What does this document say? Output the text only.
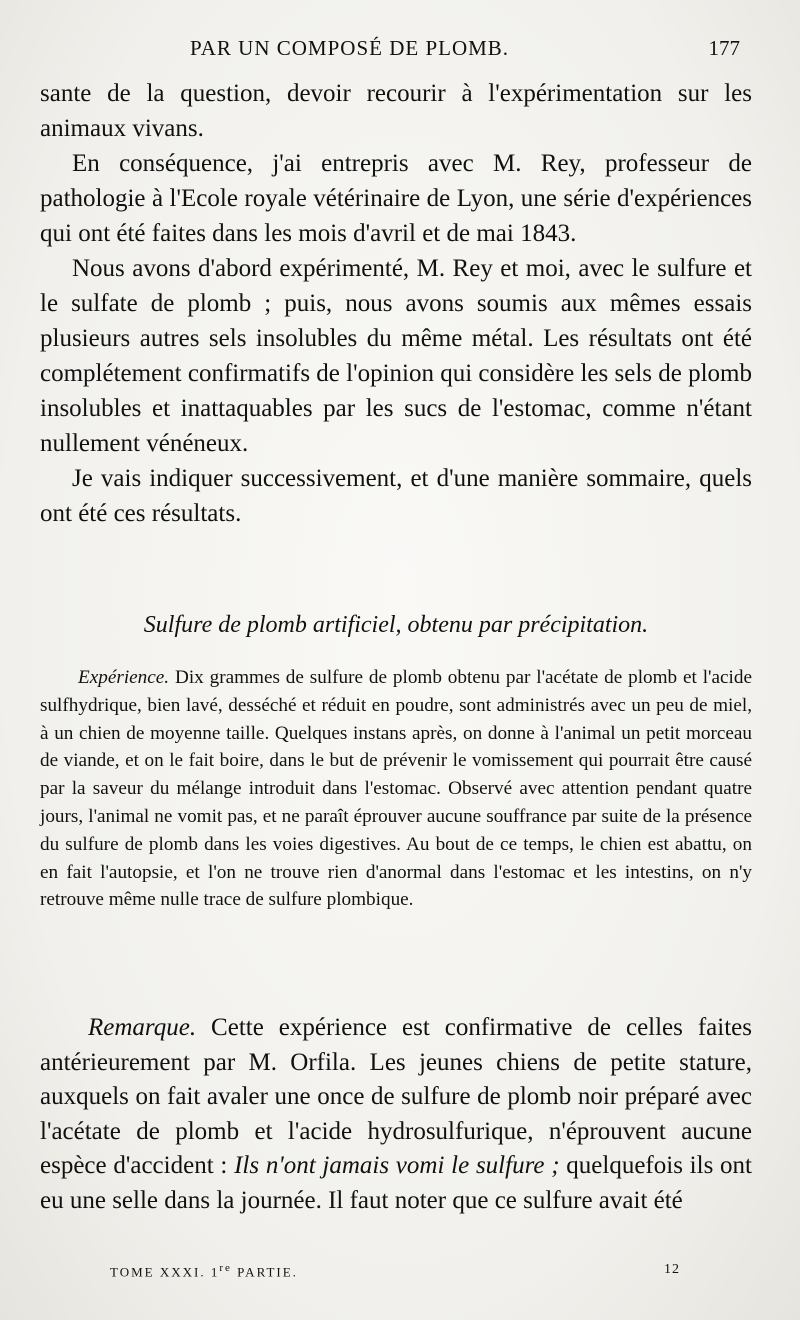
PAR UN COMPOSÉ DE PLOMB.	177

sante de la question, devoir recourir à l'expérimentation sur les animaux vivans.

En conséquence, j'ai entrepris avec M. Rey, professeur de pathologie à l'Ecole royale vétérinaire de Lyon, une série d'expériences qui ont été faites dans les mois d'avril et de mai 1843.

Nous avons d'abord expérimenté, M. Rey et moi, avec le sulfure et le sulfate de plomb ; puis, nous avons soumis aux mêmes essais plusieurs autres sels insolubles du même métal. Les résultats ont été complétement confirmatifs de l'opinion qui considère les sels de plomb insolubles et inattaquables par les sucs de l'estomac, comme n'étant nullement vénéneux.

Je vais indiquer successivement, et d'une manière sommaire, quels ont été ces résultats.

Sulfure de plomb artificiel, obtenu par précipitation.

Expérience. Dix grammes de sulfure de plomb obtenu par l'acétate de plomb et l'acide sulfhydrique, bien lavé, desséché et réduit en poudre, sont administrés avec un peu de miel, à un chien de moyenne taille. Quelques instans après, on donne à l'animal un petit morceau de viande, et on le fait boire, dans le but de prévenir le vomissement qui pourrait être causé par la saveur du mélange introduit dans l'estomac. Observé avec attention pendant quatre jours, l'animal ne vomit pas, et ne paraît éprouver aucune souffrance par suite de la présence du sulfure de plomb dans les voies digestives. Au bout de ce temps, le chien est abattu, on en fait l'autopsie, et l'on ne trouve rien d'anormal dans l'estomac et les intestins, on n'y retrouve même nulle trace de sulfure plombique.

Remarque. Cette expérience est confirmative de celles faites antérieurement par M. Orfila. Les jeunes chiens de petite stature, auxquels on fait avaler une once de sulfure de plomb noir préparé avec l'acétate de plomb et l'acide hydrosulfurique, n'éprouvent aucune espèce d'accident : Ils n'ont jamais vomi le sulfure ; quelquefois ils ont eu une selle dans la journée. Il faut noter que ce sulfure avait été

TOME XXXI. 1re PARTIE.	12
